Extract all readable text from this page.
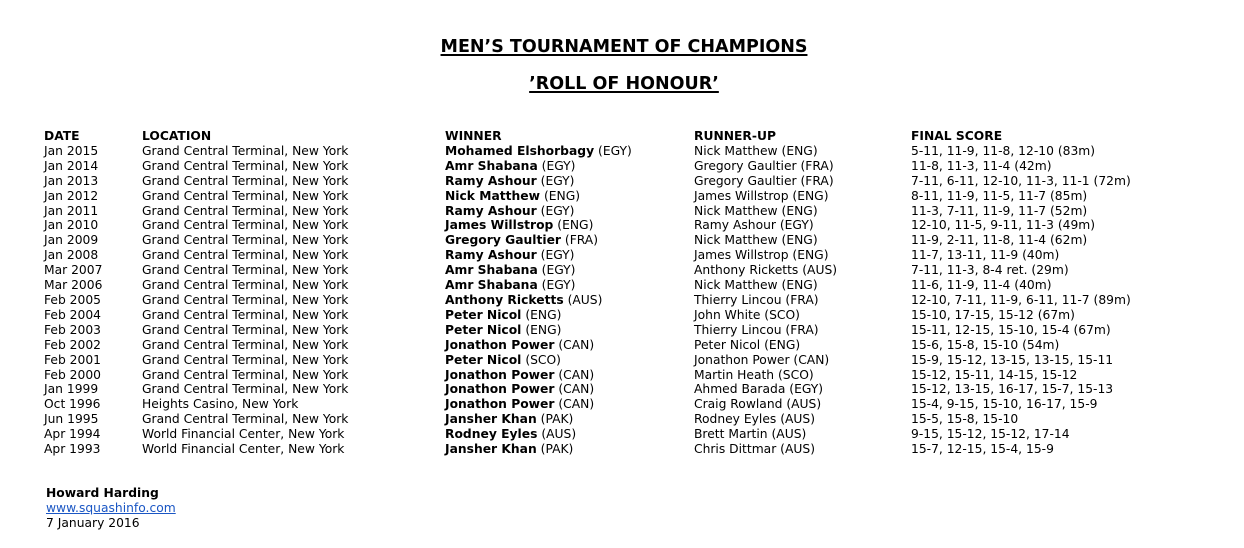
MEN’S TOURNAMENT OF CHAMPIONS
’ROLL OF HONOUR’
DATE	LOCATION	WINNER	RUNNER-UP	FINAL SCORE
Jan 2015	Grand Central Terminal, New York	Mohamed Elshorbagy (EGY)	Nick Matthew (ENG)	5-11, 11-9, 11-8, 12-10 (83m)
Jan 2014	Grand Central Terminal, New York	Amr Shabana (EGY)	Gregory Gaultier (FRA)	11-8, 11-3, 11-4 (42m)
Jan 2013	Grand Central Terminal, New York	Ramy Ashour (EGY)	Gregory Gaultier (FRA)	7-11, 6-11, 12-10, 11-3, 11-1 (72m)
Jan 2012	Grand Central Terminal, New York	Nick Matthew (ENG)	James Willstrop (ENG)	8-11, 11-9, 11-5, 11-7 (85m)
Jan 2011	Grand Central Terminal, New York	Ramy Ashour (EGY)	Nick Matthew (ENG)	11-3, 7-11, 11-9, 11-7 (52m)
Jan 2010	Grand Central Terminal, New York	James Willstrop (ENG)	Ramy Ashour (EGY)	12-10, 11-5, 9-11, 11-3 (49m)
Jan 2009	Grand Central Terminal, New York	Gregory Gaultier (FRA)	Nick Matthew (ENG)	11-9, 2-11, 11-8, 11-4 (62m)
Jan 2008	Grand Central Terminal, New York	Ramy Ashour (EGY)	James Willstrop (ENG)	11-7, 13-11, 11-9 (40m)
Mar 2007	Grand Central Terminal, New York	Amr Shabana (EGY)	Anthony Ricketts (AUS)	7-11, 11-3, 8-4 ret. (29m)
Mar 2006	Grand Central Terminal, New York	Amr Shabana (EGY)	Nick Matthew (ENG)	11-6, 11-9, 11-4 (40m)
Feb 2005	Grand Central Terminal, New York	Anthony Ricketts (AUS)	Thierry Lincou (FRA)	12-10, 7-11, 11-9, 6-11, 11-7 (89m)
Feb 2004	Grand Central Terminal, New York	Peter Nicol (ENG)	John White (SCO)	15-10, 17-15, 15-12 (67m)
Feb 2003	Grand Central Terminal, New York	Peter Nicol (ENG)	Thierry Lincou (FRA)	15-11, 12-15, 15-10, 15-4 (67m)
Feb 2002	Grand Central Terminal, New York	Jonathon Power (CAN)	Peter Nicol (ENG)	15-6, 15-8, 15-10 (54m)
Feb 2001	Grand Central Terminal, New York	Peter Nicol (SCO)	Jonathon Power (CAN)	15-9, 15-12, 13-15, 13-15, 15-11
Feb 2000	Grand Central Terminal, New York	Jonathon Power (CAN)	Martin Heath (SCO)	15-12, 15-11, 14-15, 15-12
Jan 1999	Grand Central Terminal, New York	Jonathon Power (CAN)	Ahmed Barada (EGY)	15-12, 13-15, 16-17, 15-7, 15-13
Oct 1996	Heights Casino, New York	Jonathon Power (CAN)	Craig Rowland (AUS)	15-4, 9-15, 15-10, 16-17, 15-9
Jun 1995	Grand Central Terminal, New York	Jansher Khan (PAK)	Rodney Eyles (AUS)	15-5, 15-8, 15-10
Apr 1994	World Financial Center, New York	Rodney Eyles (AUS)	Brett Martin (AUS)	9-15, 15-12, 15-12, 17-14
Apr 1993	World Financial Center, New York	Jansher Khan (PAK)	Chris Dittmar (AUS)	15-7, 12-15, 15-4, 15-9
Howard Harding
www.squashinfo.com
7 January 2016
